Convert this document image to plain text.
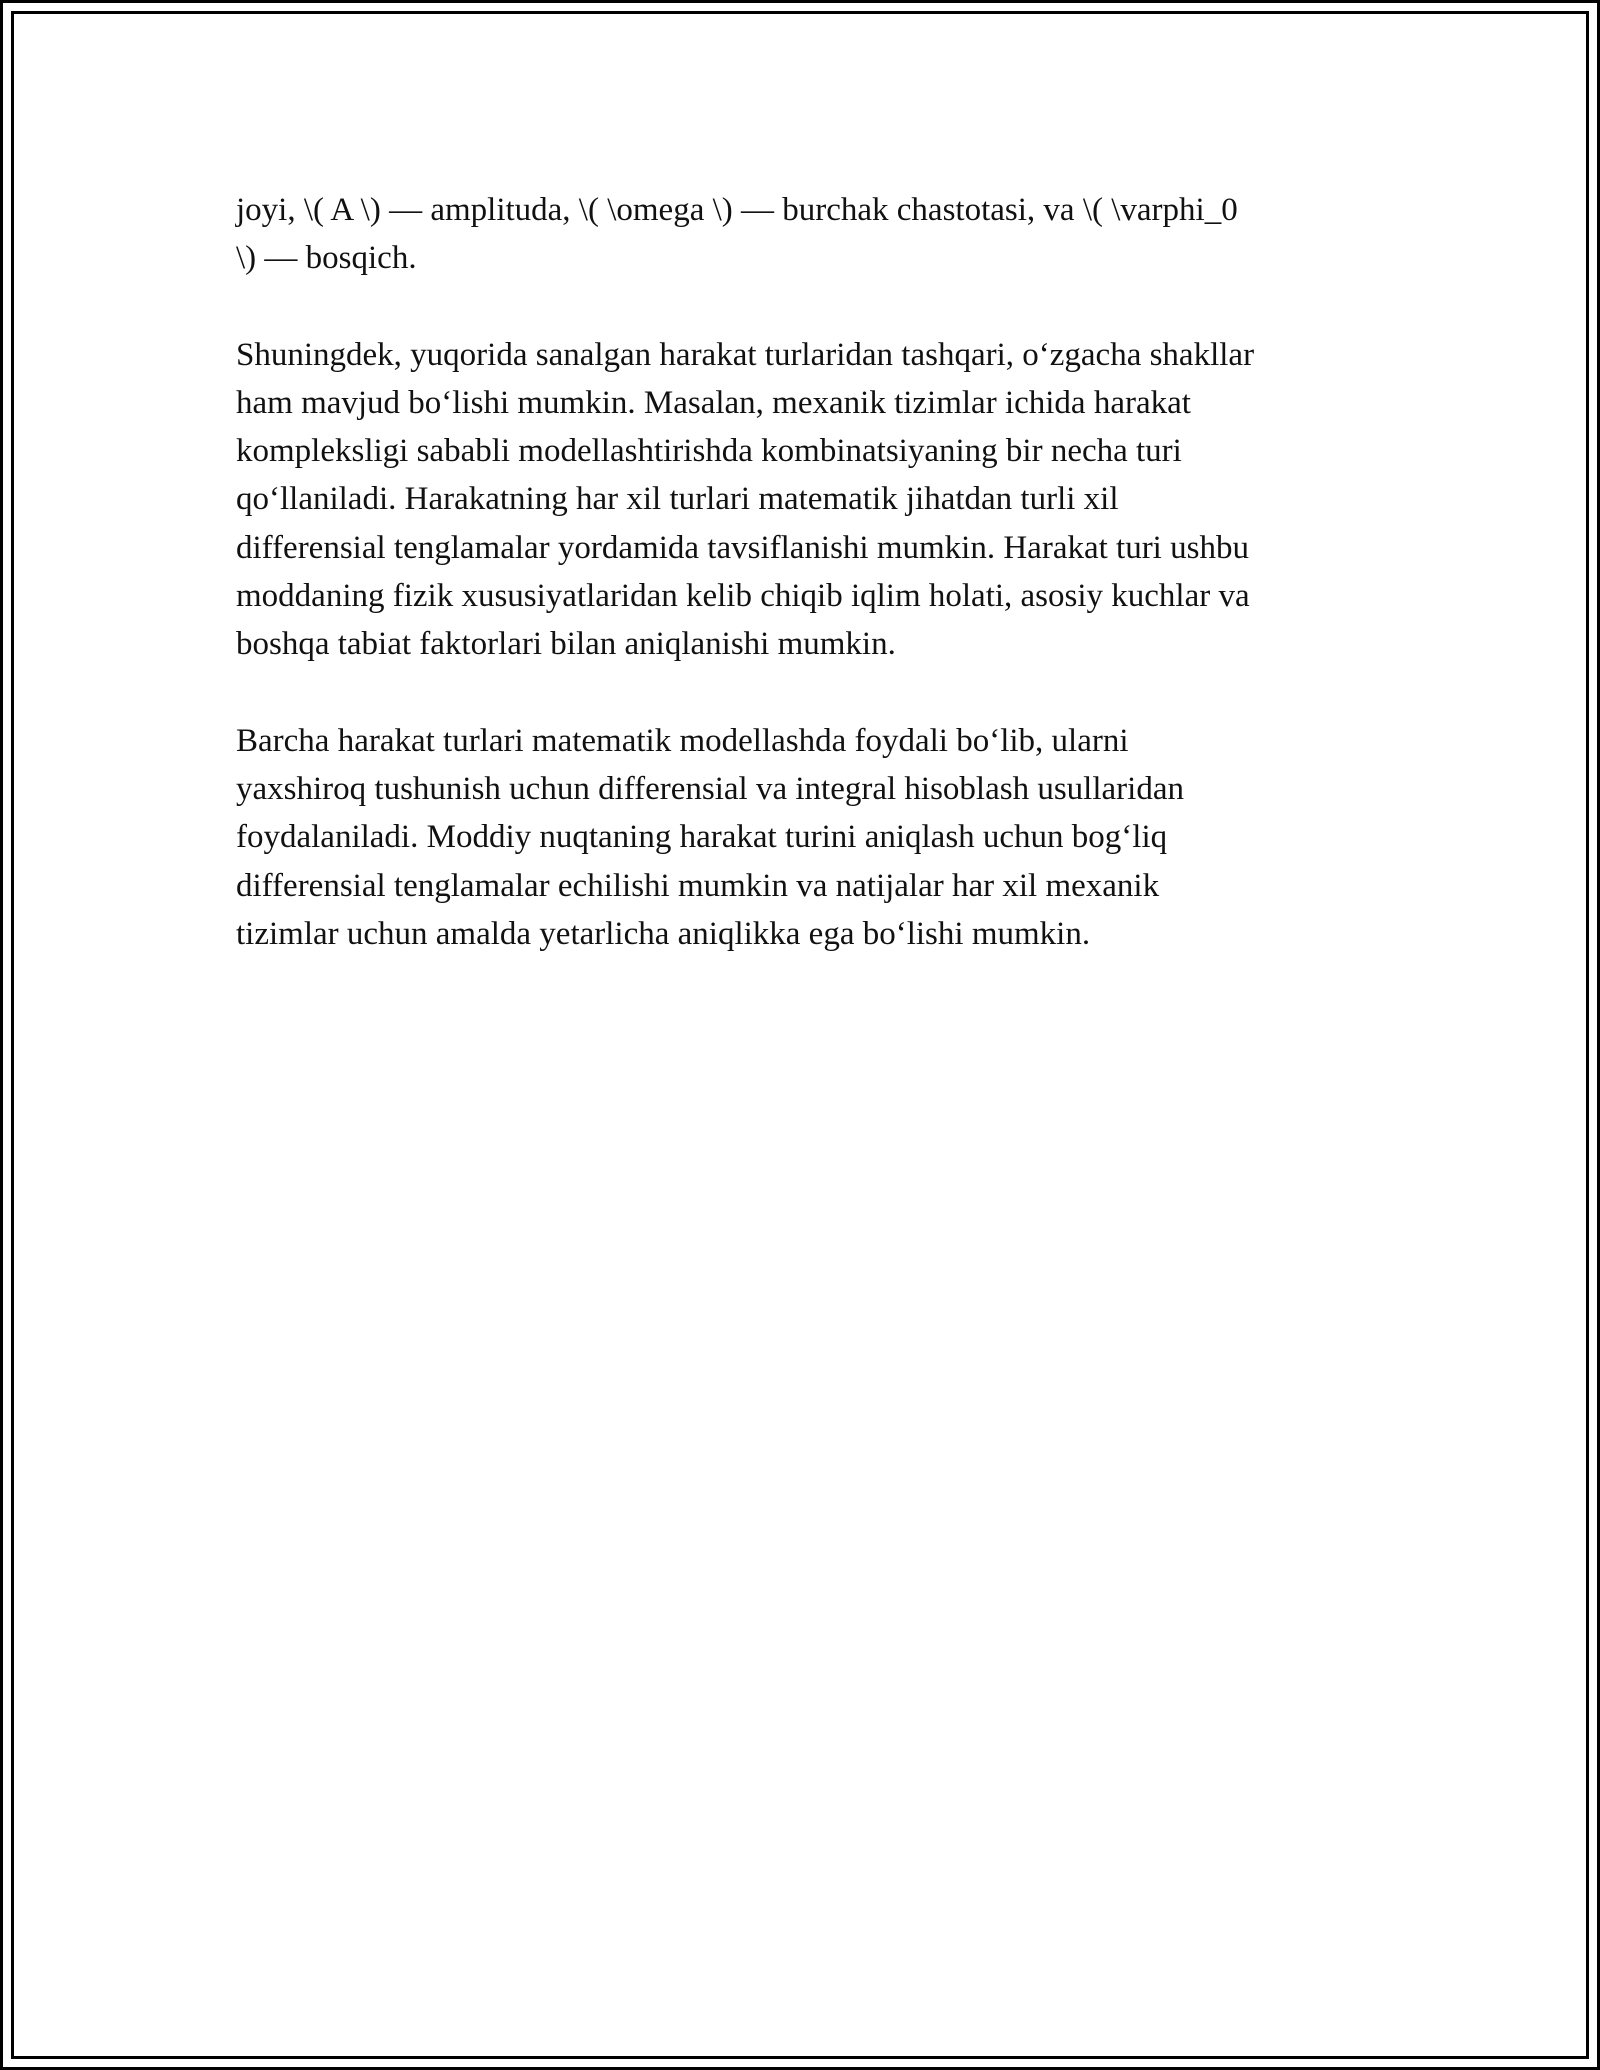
joyi, \( A \) — amplituda, \( \omega \) — burchak chastotasi, va \( \varphi_0
\) — bosqich.

Shuningdek, yuqorida sanalgan harakat turlaridan tashqari, o‘zgacha shakllar
ham mavjud bo‘lishi mumkin. Masalan, mexanik tizimlar ichida harakat
kompleksligi sababli modellashtirishda kombinatsiyaning bir necha turi
qo‘llaniladi. Harakatning har xil turlari matematik jihatdan turli xil
differensial tenglamalar yordamida tavsiflanishi mumkin. Harakat turi ushbu
moddaning fizik xususiyatlaridan kelib chiqib iqlim holati, asosiy kuchlar va
boshqa tabiat faktorlari bilan aniqlanishi mumkin.

Barcha harakat turlari matematik modellashda foydali bo‘lib, ularni
yaxshiroq tushunish uchun differensial va integral hisoblash usullaridan
foydalaniladi. Moddiy nuqtaning harakat turini aniqlash uchun bog‘liq
differensial tenglamalar echilishi mumkin va natijalar har xil mexanik
tizimlar uchun amalda yetarlicha aniqlikka ega bo‘lishi mumkin.
